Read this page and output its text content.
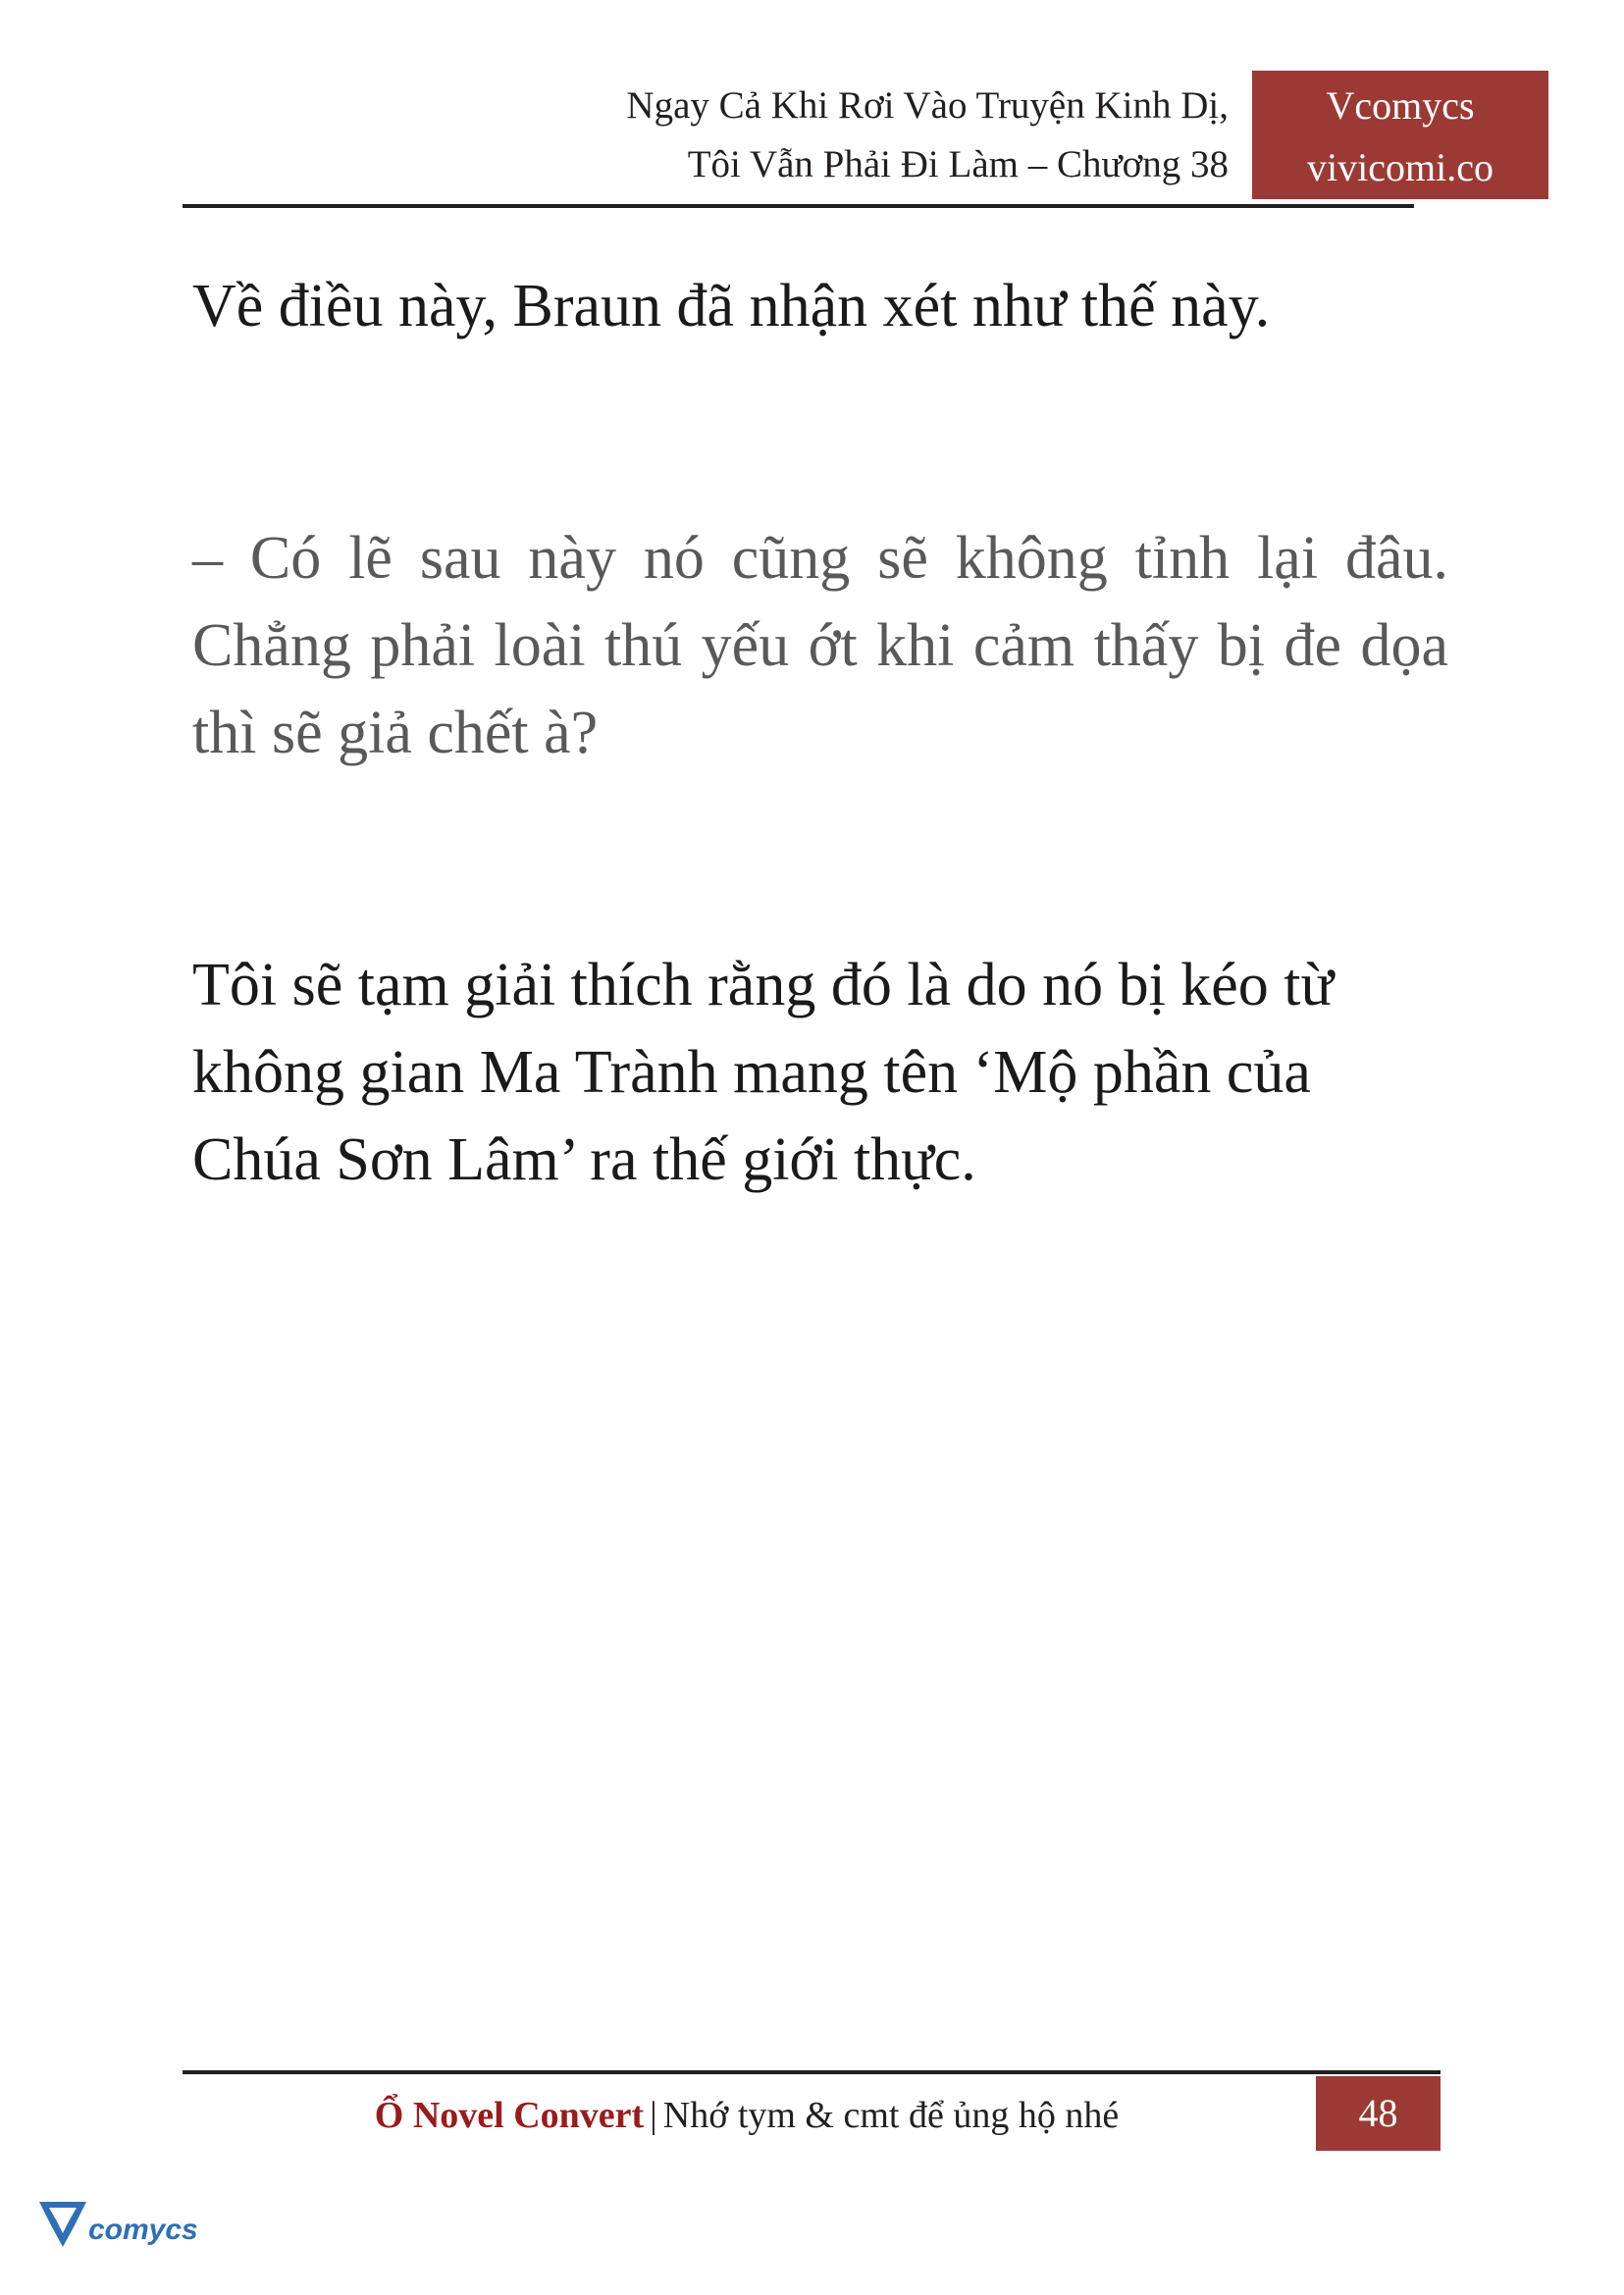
Ngay Cả Khi Rơi Vào Truyện Kinh Dị,
Tôi Vẫn Phải Đi Làm – Chương 38
Vcomycs
vivicomi.co

Về điều này, Braun đã nhận xét như thế này.

– Có lẽ sau này nó cũng sẽ không tỉnh lại đâu. Chẳng phải loài thú yếu ớt khi cảm thấy bị đe dọa thì sẽ giả chết à?

Tôi sẽ tạm giải thích rằng đó là do nó bị kéo từ không gian Ma Trành mang tên ‘Mộ phần của Chúa Sơn Lâm’ ra thế giới thực.

Ổ Novel Convert | Nhớ tym & cmt để ủng hộ nhé	48
comycs
